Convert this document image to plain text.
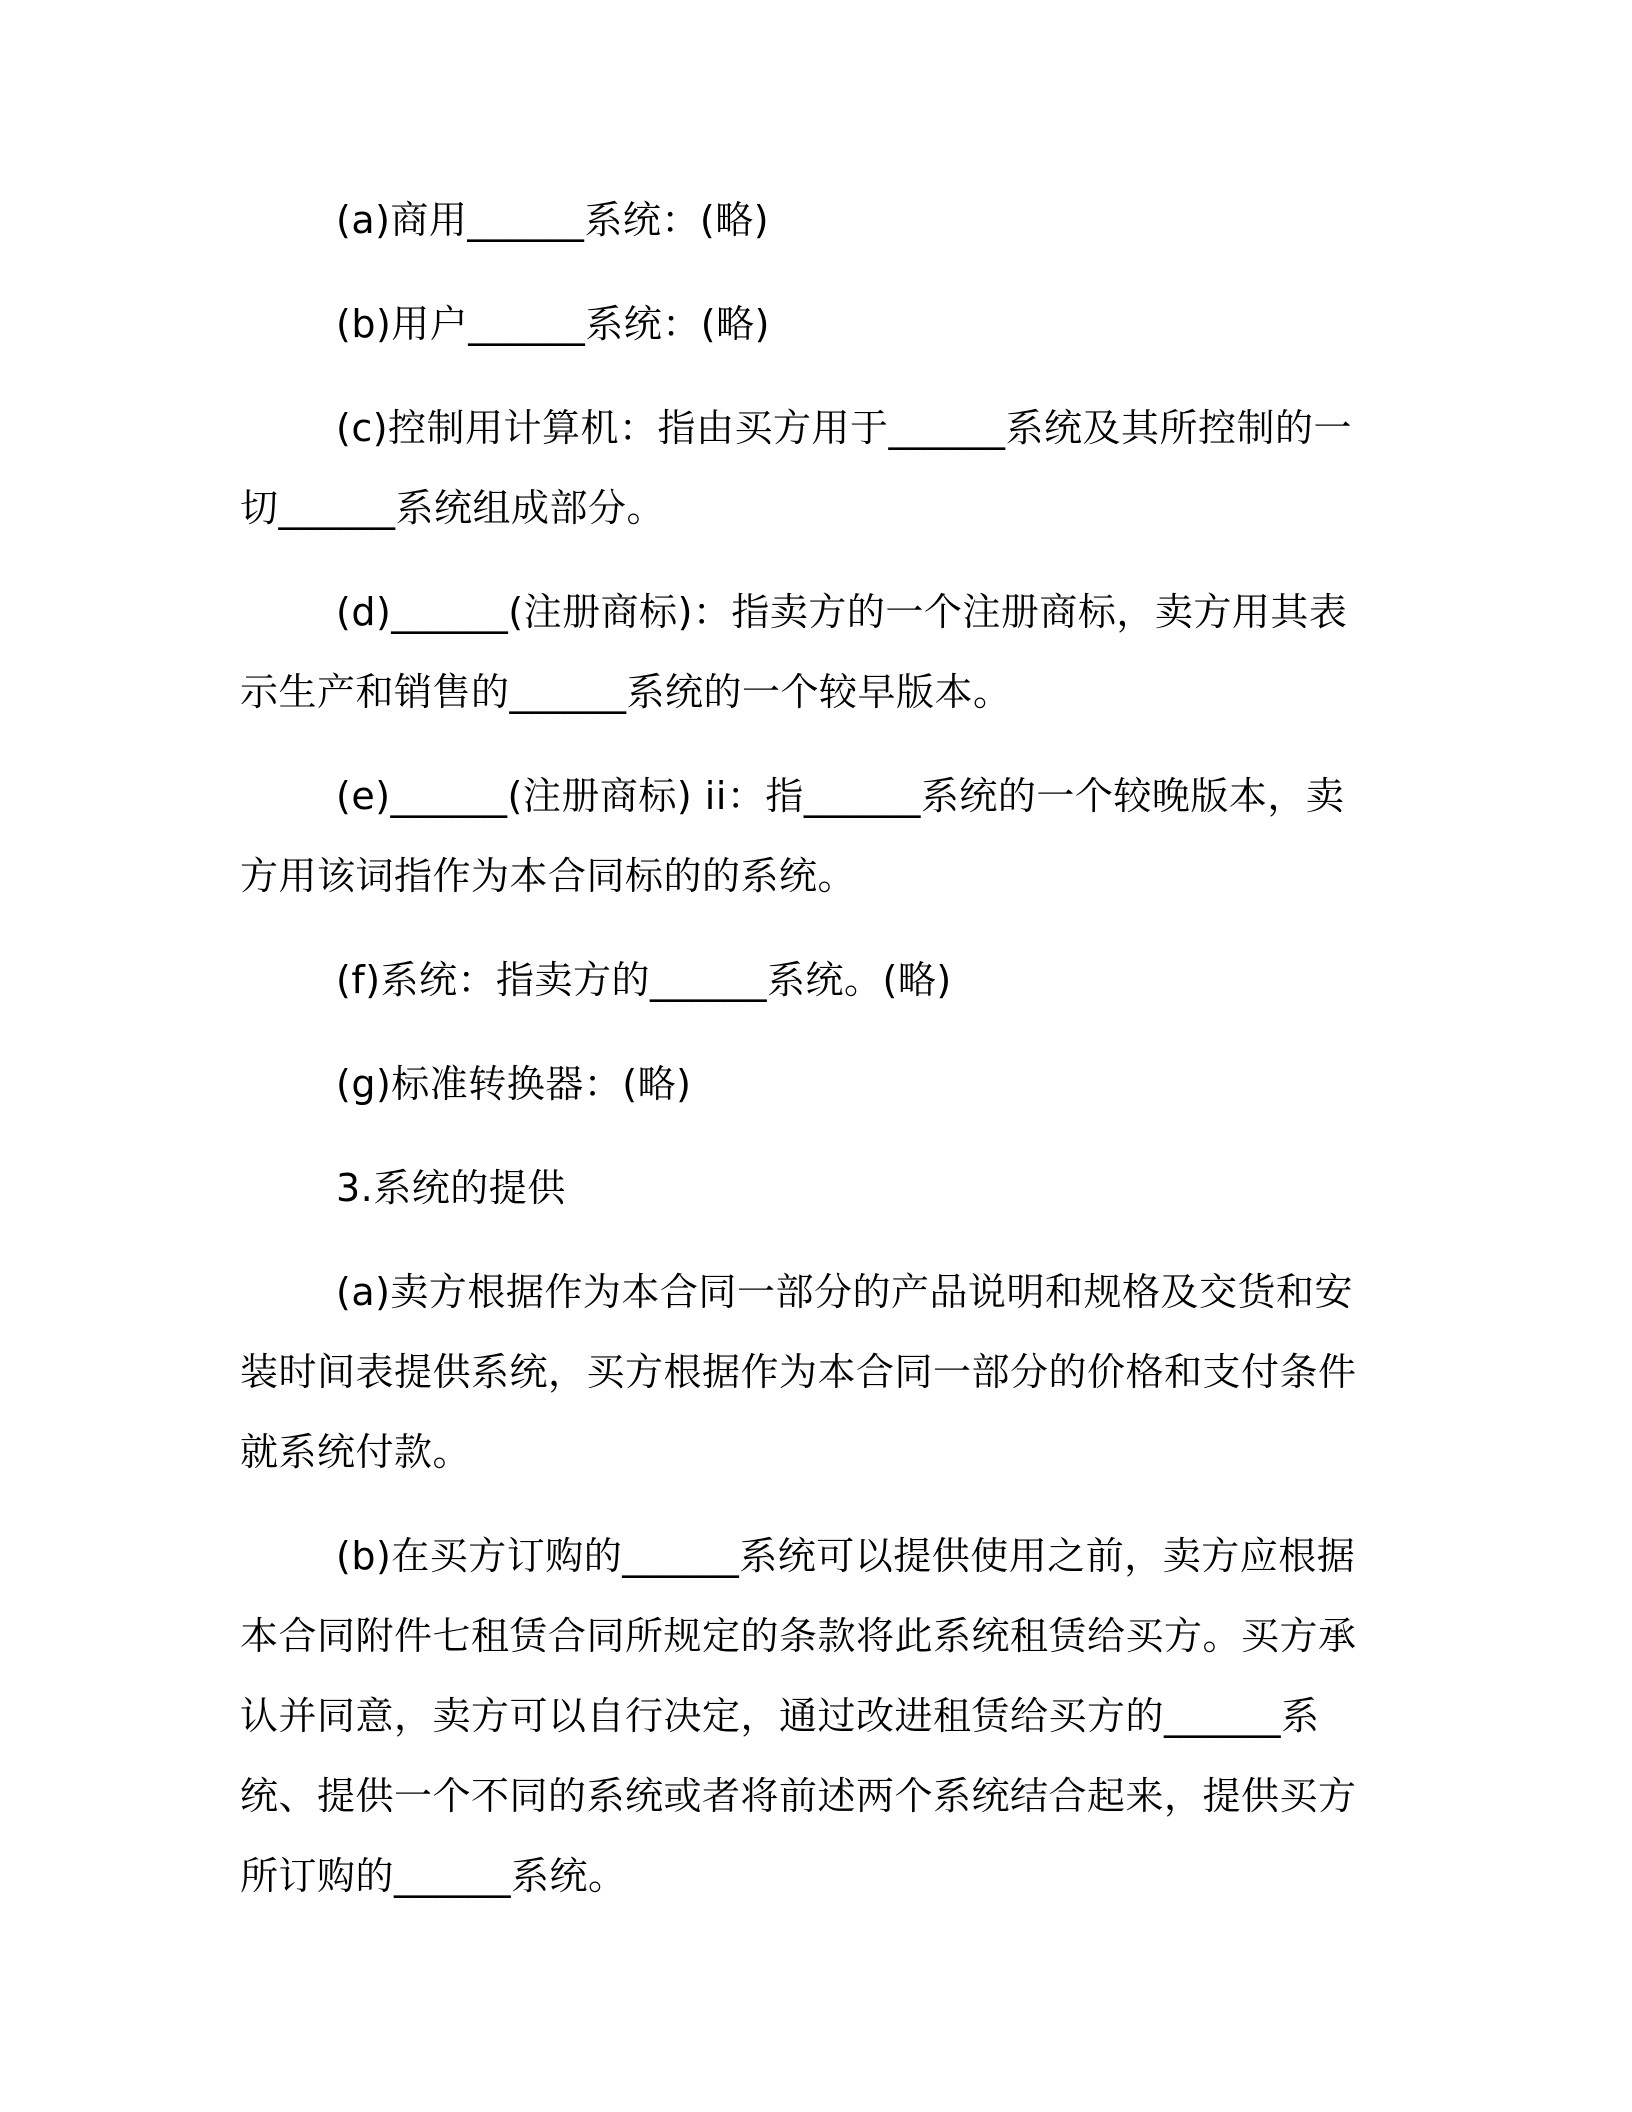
(a)商用______系统：(略)

(b)用户______系统：(略)

(c)控制用计算机：指由买方用于______系统及其所控制的一切______系统组成部分。

(d)______(注册商标)：指卖方的一个注册商标，卖方用其表示生产和销售的______系统的一个较早版本。

(e)______(注册商标) ii：指______系统的一个较晚版本，卖方用该词指作为本合同标的的系统。

(f)系统：指卖方的______系统。(略)

(g)标准转换器：(略)

3.系统的提供

(a)卖方根据作为本合同一部分的产品说明和规格及交货和安装时间表提供系统，买方根据作为本合同一部分的价格和支付条件就系统付款。

(b)在买方订购的______系统可以提供使用之前，卖方应根据本合同附件七租赁合同所规定的条款将此系统租赁给买方。买方承认并同意，卖方可以自行决定，通过改进租赁给买方的______系统、提供一个不同的系统或者将前述两个系统结合起来，提供买方所订购的______系统。
